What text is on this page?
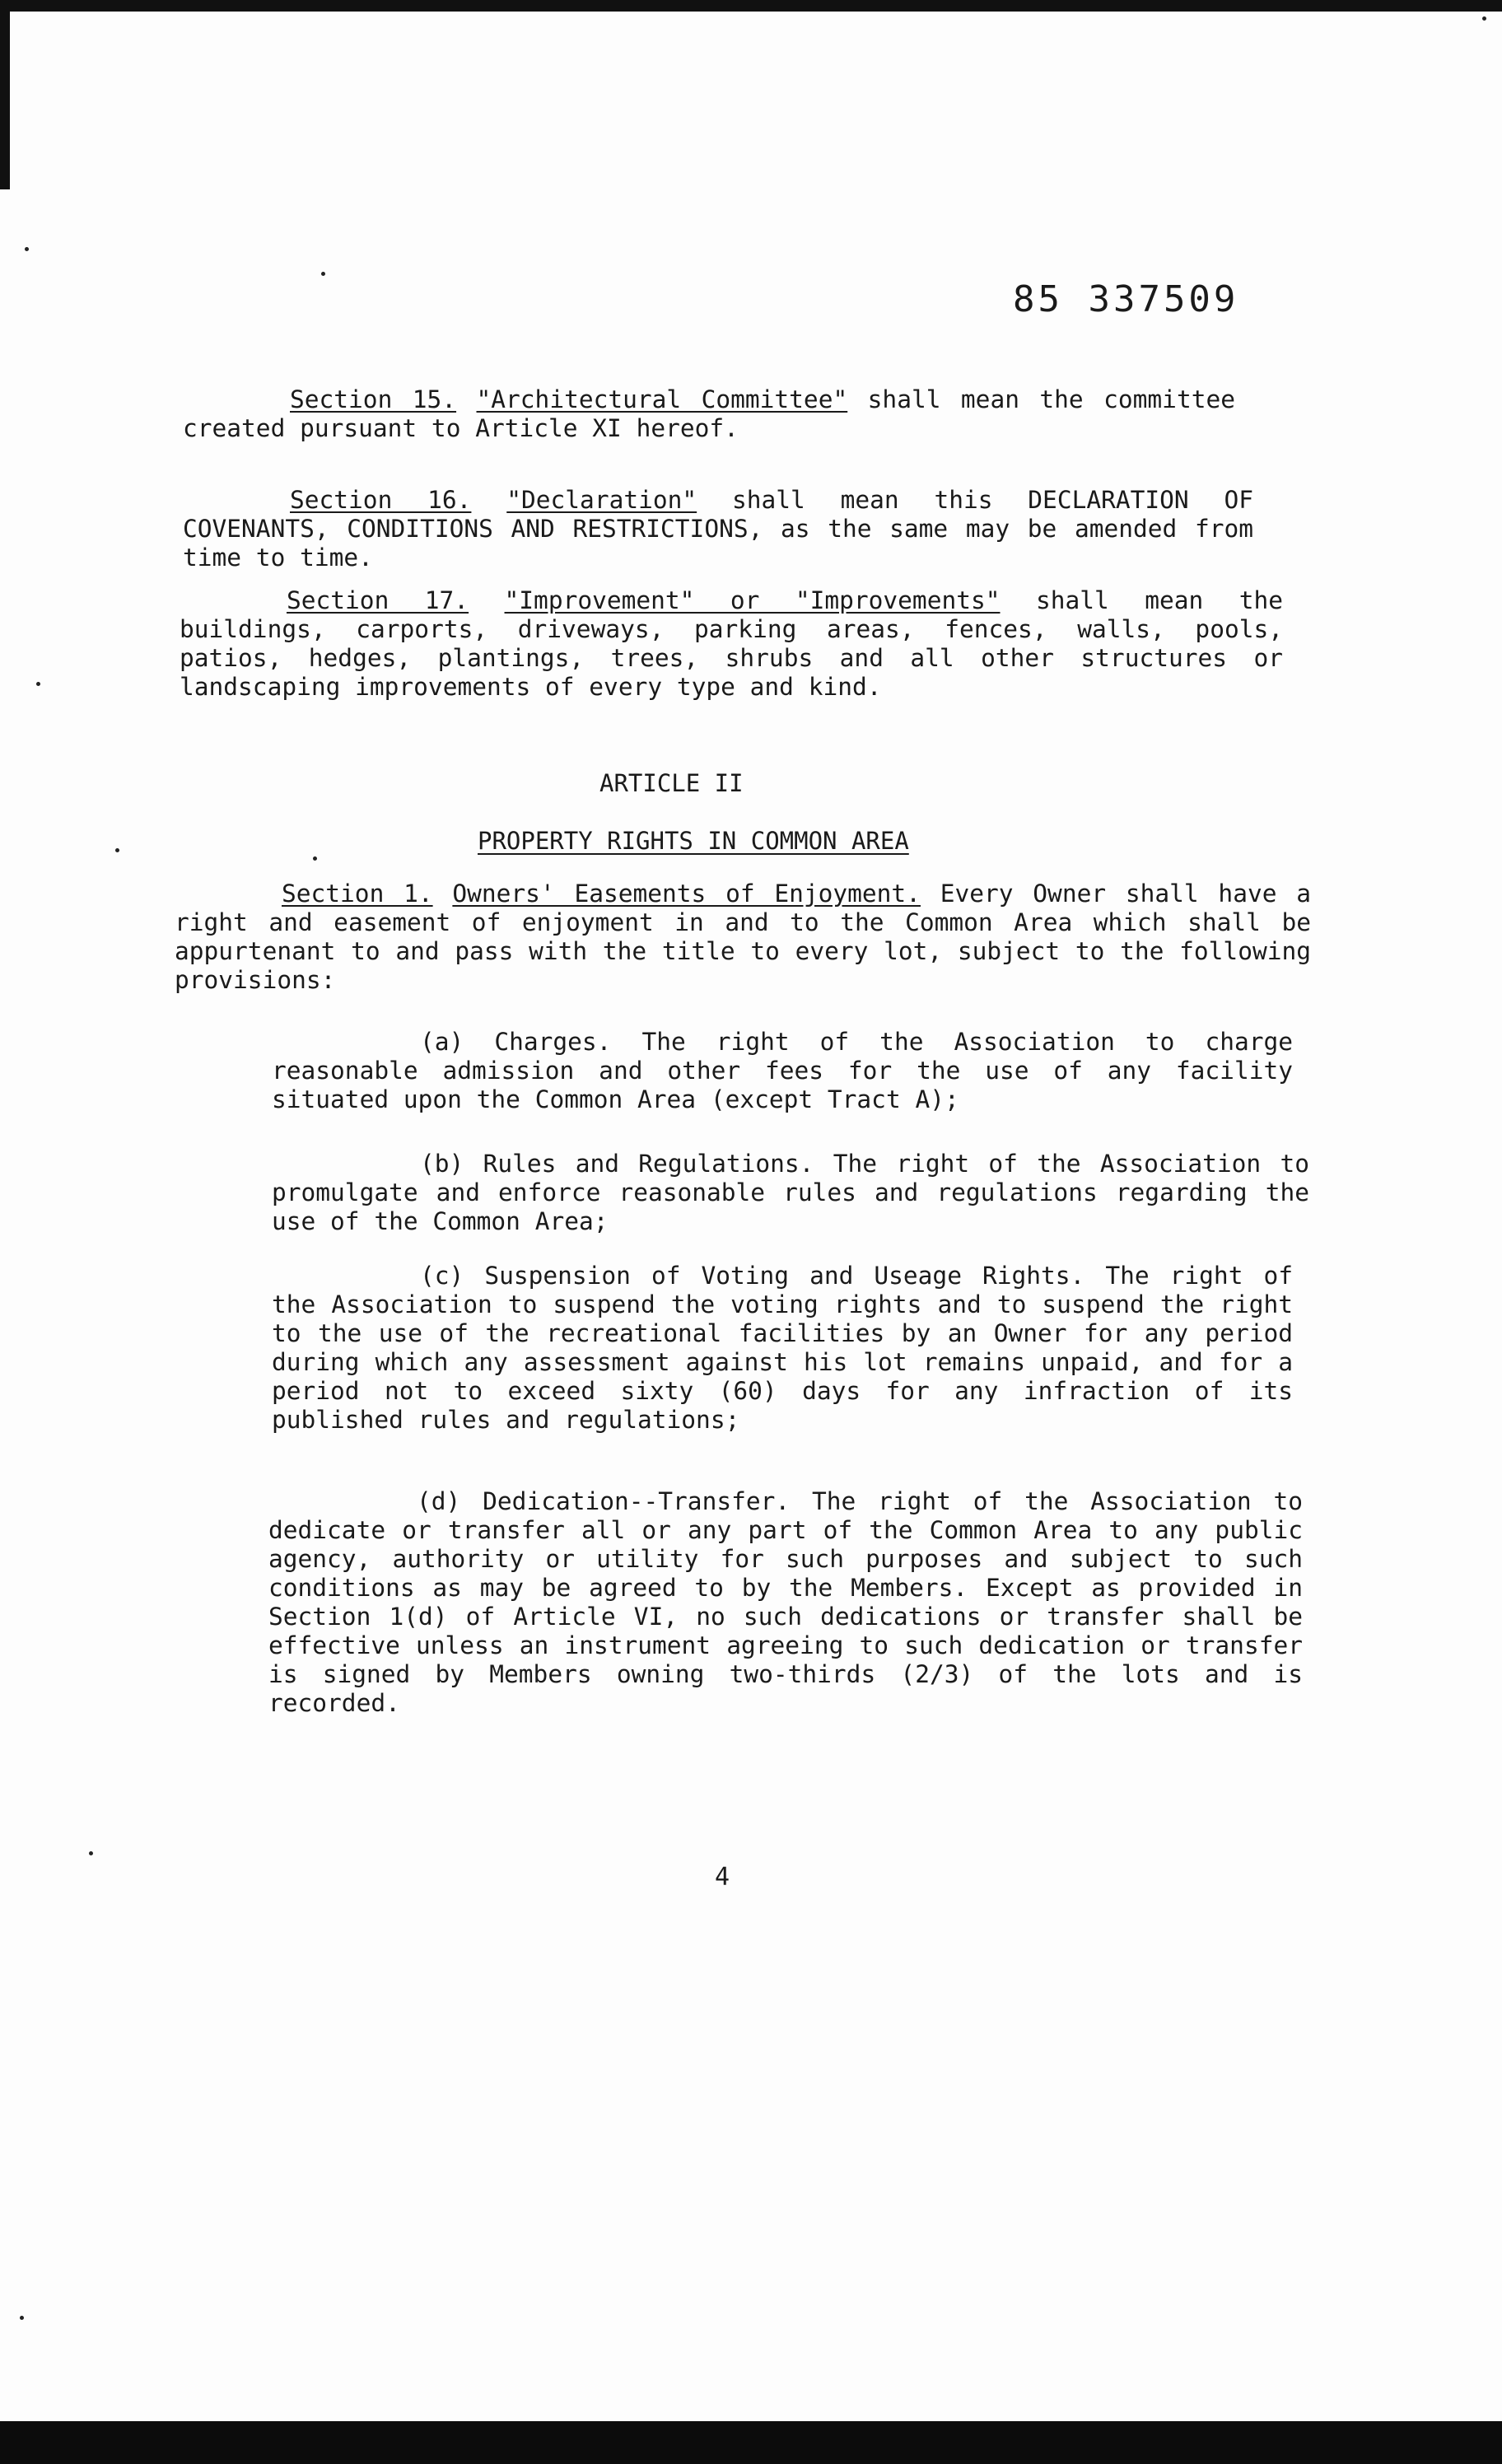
85 337509
Section 15. "Architectural Committee" shall mean the committee created pursuant to Article XI hereof.
Section 16. "Declaration" shall mean this DECLARATION OF COVENANTS, CONDITIONS AND RESTRICTIONS, as the same may be amended from time to time.
Section 17. "Improvement" or "Improvements" shall mean the buildings, carports, driveways, parking areas, fences, walls, pools, patios, hedges, plantings, trees, shrubs and all other structures or landscaping improvements of every type and kind.
ARTICLE II
PROPERTY RIGHTS IN COMMON AREA
Section 1. Owners' Easements of Enjoyment. Every Owner shall have a right and easement of enjoyment in and to the Common Area which shall be appurtenant to and pass with the title to every lot, subject to the following provisions:
(a) Charges. The right of the Association to charge reasonable admission and other fees for the use of any facility situated upon the Common Area (except Tract A);
(b) Rules and Regulations. The right of the Association to promulgate and enforce reasonable rules and regulations regarding the use of the Common Area;
(c) Suspension of Voting and Useage Rights. The right of the Association to suspend the voting rights and to suspend the right to the use of the recreational facilities by an Owner for any period during which any assessment against his lot remains unpaid, and for a period not to exceed sixty (60) days for any infraction of its published rules and regulations;
(d) Dedication--Transfer. The right of the Association to dedicate or transfer all or any part of the Common Area to any public agency, authority or utility for such purposes and subject to such conditions as may be agreed to by the Members. Except as provided in Section 1(d) of Article VI, no such dedications or transfer shall be effective unless an instrument agreeing to such dedication or transfer is signed by Members owning two-thirds (2/3) of the lots and is recorded.
4
